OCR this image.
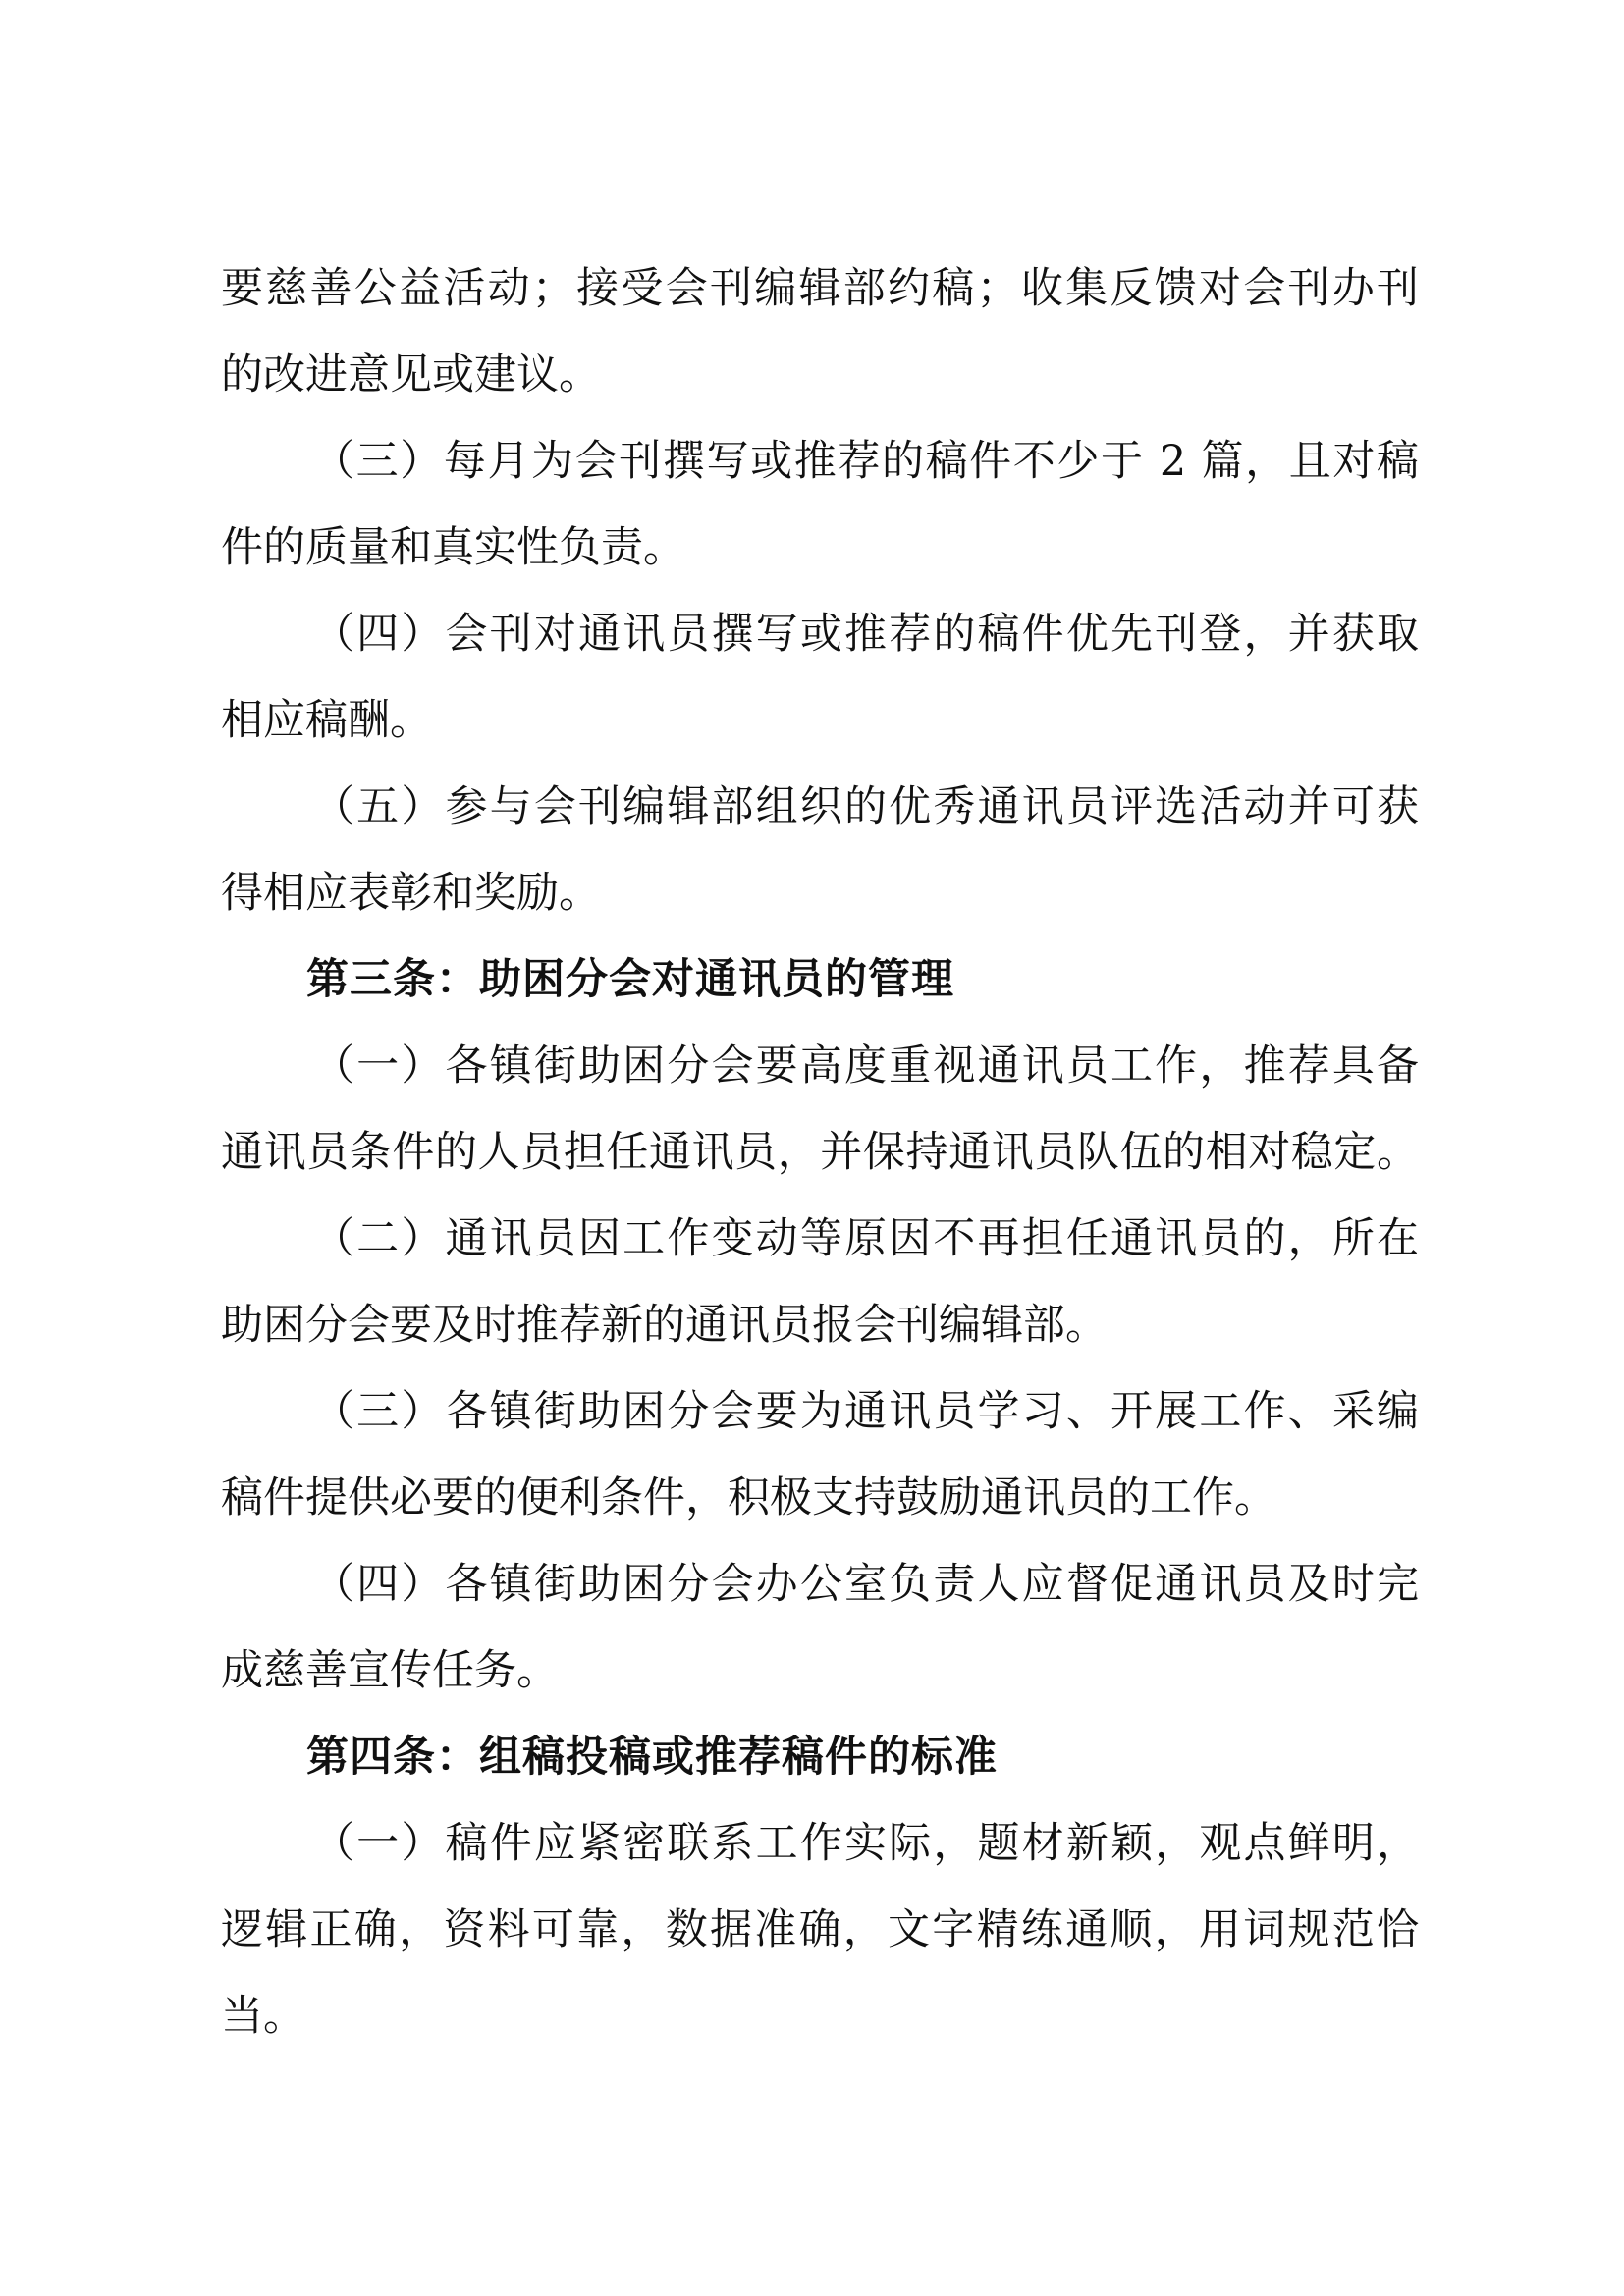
要慈善公益活动；接受会刊编辑部约稿；收集反馈对会刊办刊
的改进意见或建议。
（三）每月为会刊撰写或推荐的稿件不少于 2 篇，且对稿
件的质量和真实性负责。
（四）会刊对通讯员撰写或推荐的稿件优先刊登，并获取
相应稿酬。
（五）参与会刊编辑部组织的优秀通讯员评选活动并可获
得相应表彰和奖励。
第三条：助困分会对通讯员的管理
（一）各镇街助困分会要高度重视通讯员工作，推荐具备
通讯员条件的人员担任通讯员，并保持通讯员队伍的相对稳定。
（二）通讯员因工作变动等原因不再担任通讯员的，所在
助困分会要及时推荐新的通讯员报会刊编辑部。
（三）各镇街助困分会要为通讯员学习、开展工作、采编
稿件提供必要的便利条件，积极支持鼓励通讯员的工作。
（四）各镇街助困分会办公室负责人应督促通讯员及时完
成慈善宣传任务。
第四条：组稿投稿或推荐稿件的标准
（一）稿件应紧密联系工作实际，题材新颖，观点鲜明，
逻辑正确，资料可靠，数据准确，文字精练通顺，用词规范恰
当。
